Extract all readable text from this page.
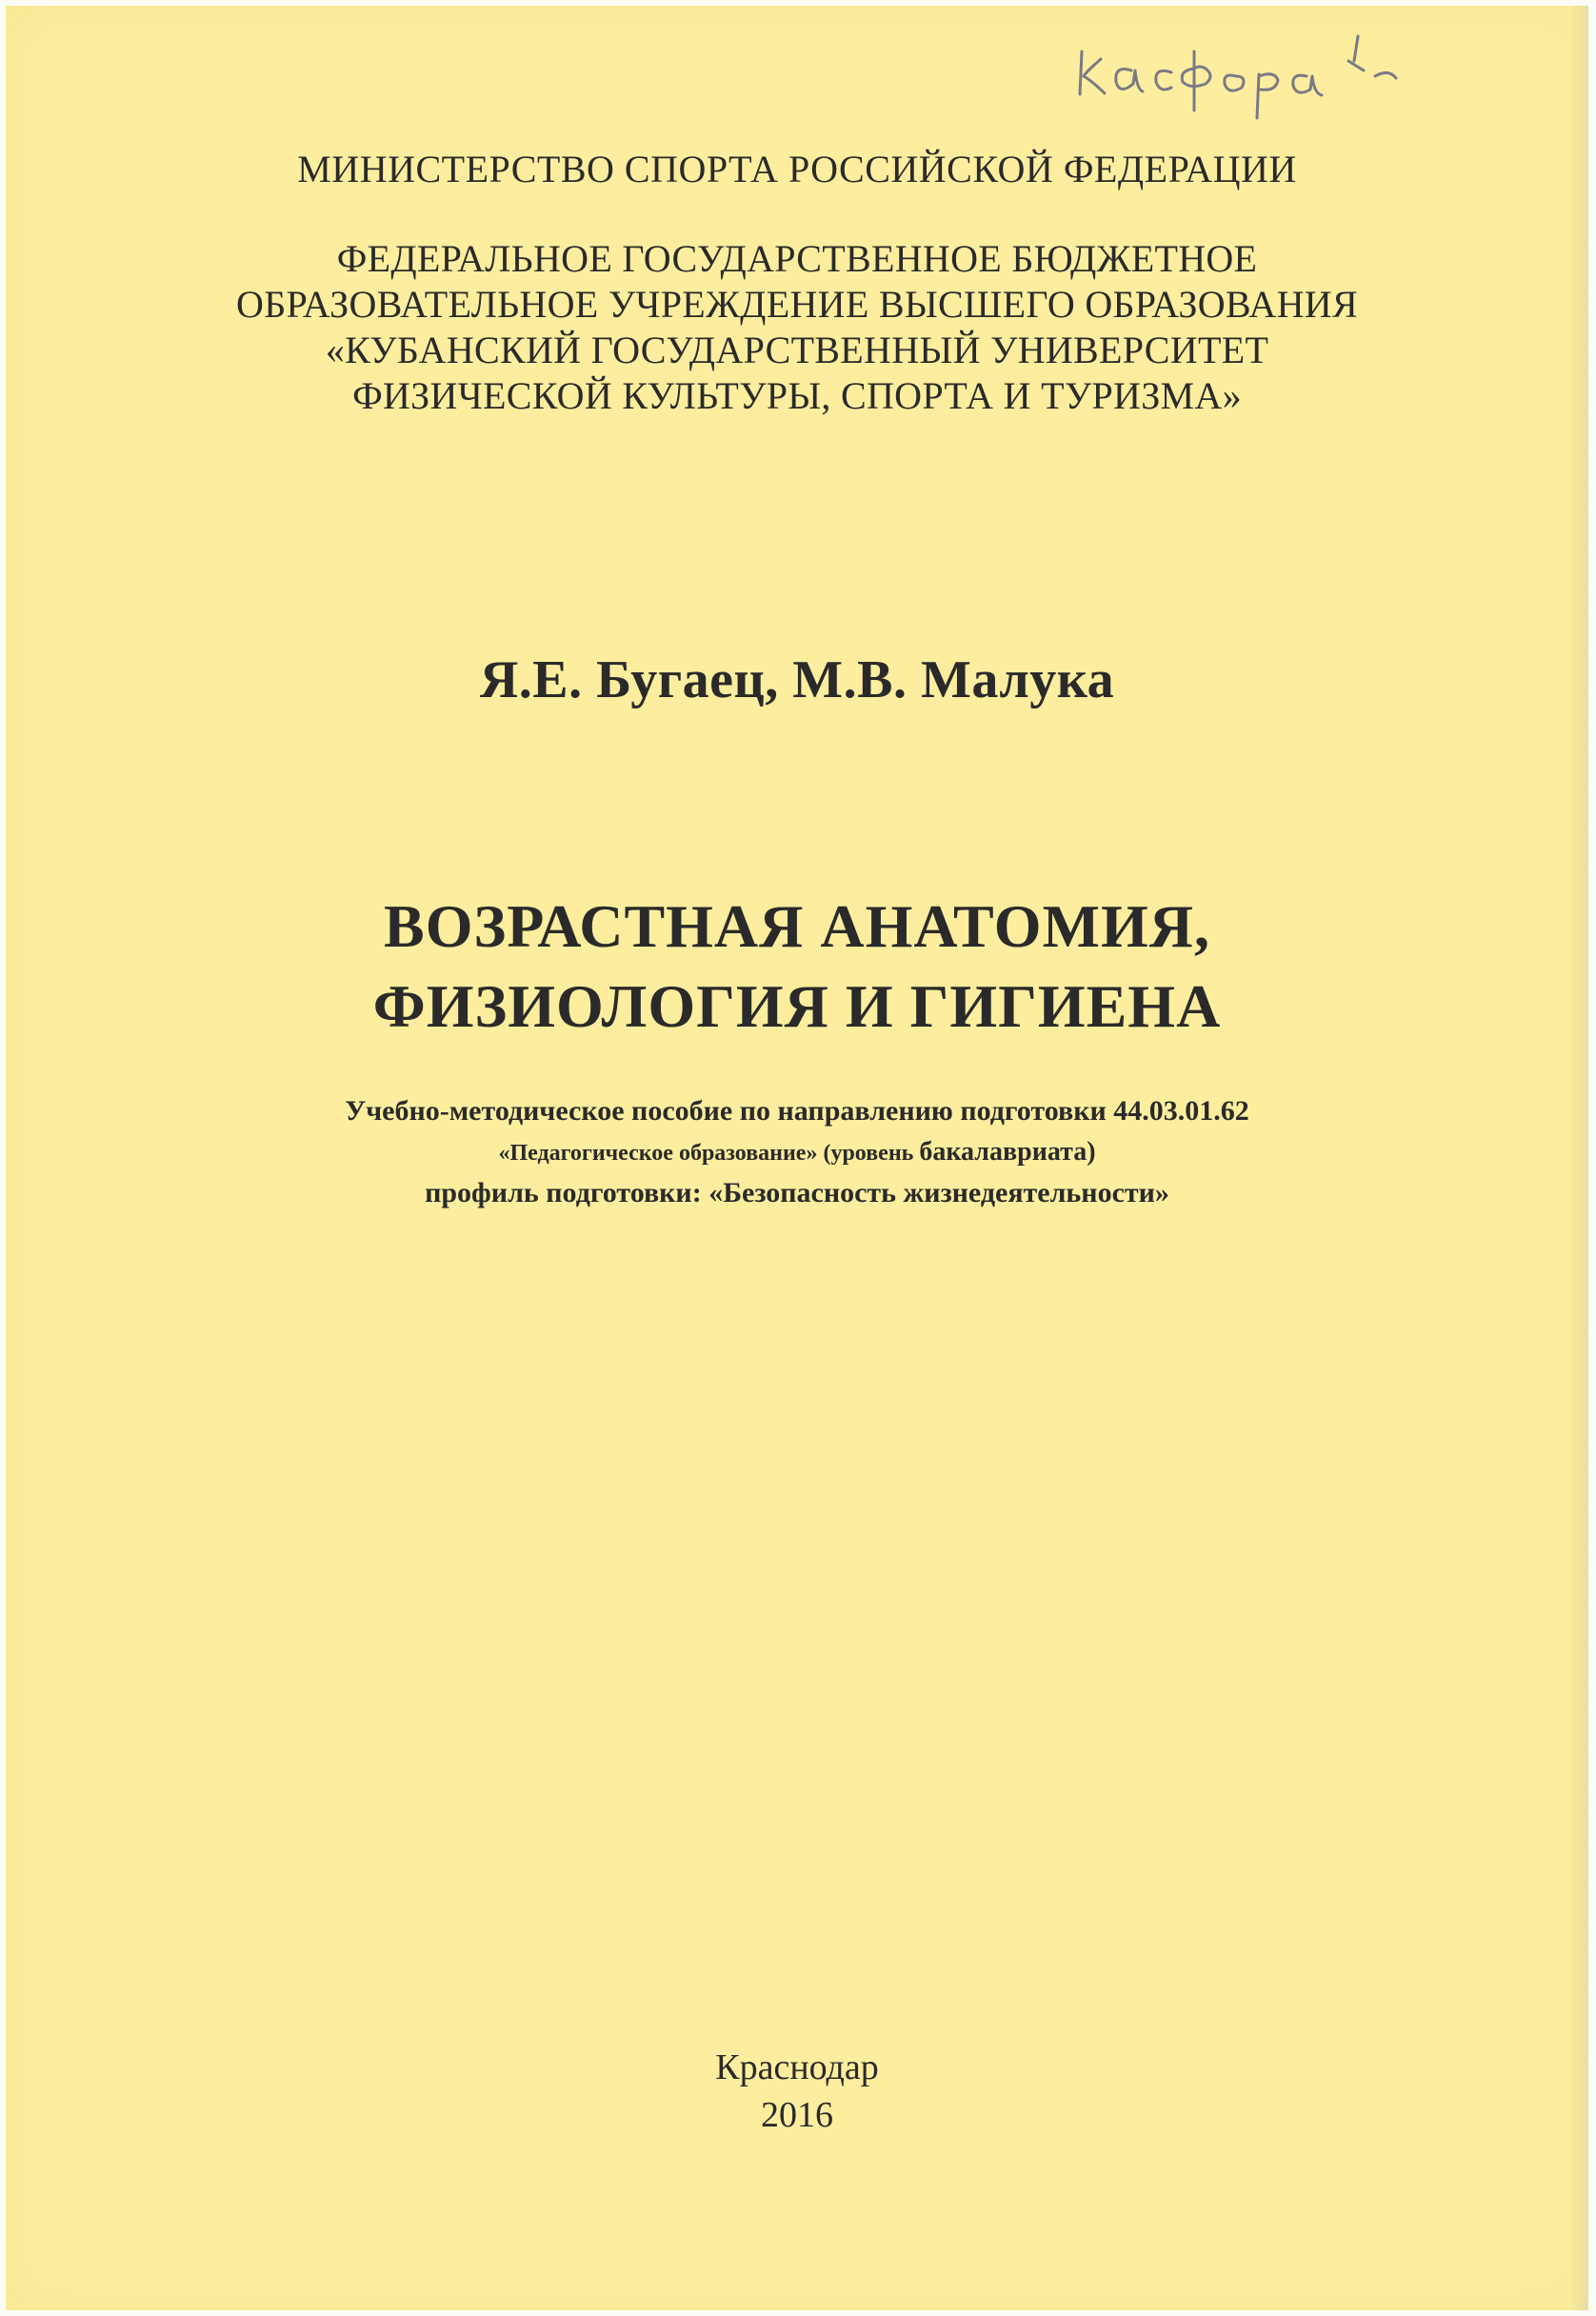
МИНИСТЕРСТВО СПОРТА РОССИЙСКОЙ ФЕДЕРАЦИИ
ФЕДЕРАЛЬНОЕ ГОСУДАРСТВЕННОЕ БЮДЖЕТНОЕ
ОБРАЗОВАТЕЛЬНОЕ УЧРЕЖДЕНИЕ ВЫСШЕГО ОБРАЗОВАНИЯ
«КУБАНСКИЙ ГОСУДАРСТВЕННЫЙ УНИВЕРСИТЕТ
ФИЗИЧЕСКОЙ КУЛЬТУРЫ, СПОРТА И ТУРИЗМА»
Я.Е. Бугаец, М.В. Малука
ВОЗРАСТНАЯ АНАТОМИЯ,
ФИЗИОЛОГИЯ И ГИГИЕНА
Учебно-методическое пособие по направлению подготовки 44.03.01.62
«Педагогическое образование» (уровень бакалавриата)
профиль подготовки: «Безопасность жизнедеятельности»
Краснодар
2016
